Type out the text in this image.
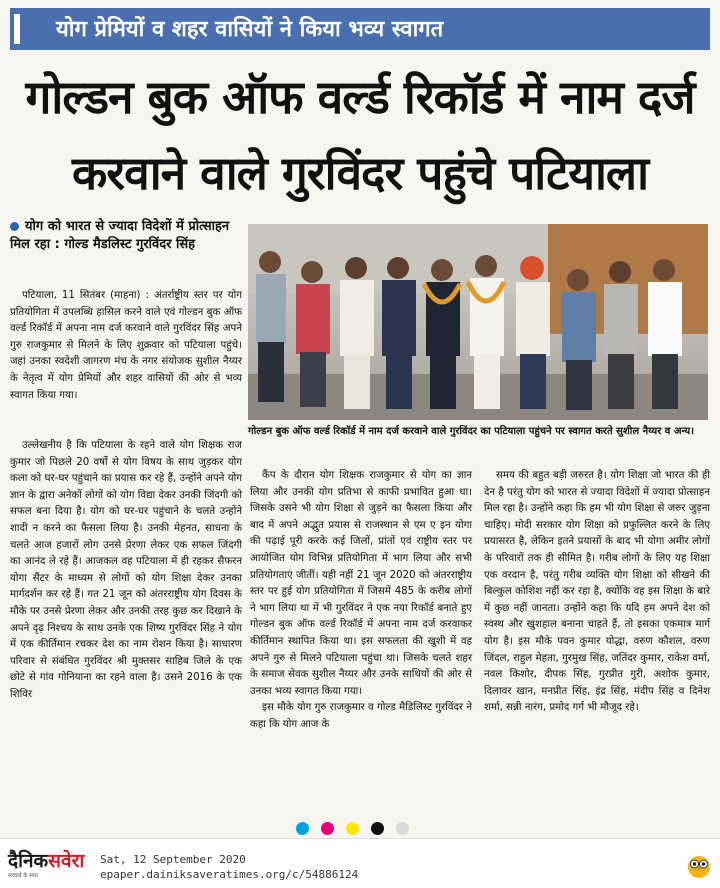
योग प्रेमियों व शहर वासियों ने किया भव्य स्वागत
गोल्डन बुक ऑफ वर्ल्ड रिकॉर्ड में नाम दर्ज
करवाने वाले गुरविंदर पहुंचे पटियाला
योग को भारत से ज्यादा विदेशों में प्रोत्साहन मिल रहा : गोल्ड मैडलिस्ट गुरविंदर सिंह

पटियाला, 11 सितंबर (माहना) : अंतर्राष्ट्रीय स्तर पर योग प्रतियोगिता में उपलब्धि हासिल करने वाले एवं गोल्डन बुक ऑफ वर्ल्ड रिकॉर्ड में अपना नाम दर्ज करवाने वाले गुरविंदर सिंह अपने गुरु राजकुमार से मिलने के लिए शुक्रवार को पटियाला पहुंचे। जहां उनका स्वदेशी जागरण मंच के नगर संयोजक सुशील नैय्यर के नेतृत्व में योग प्रेमियों और शहर वासियों की ओर से भव्य स्वागत किया गया।

गोल्डन बुक ऑफ वर्ल्ड रिकॉर्ड में नाम दर्ज करवाने वाले गुरविंदर का पटियाला पहुंचने पर स्वागत करते सुशील नैय्यर व अन्य।

उल्लेखनीय है कि पटियाला के रहने वाले योग शिक्षक राज कुमार जो पिछले 20 वर्षो से योग विषय के साथ जुड़कर योग कला को घर-घर पहुंचाने का प्रयास कर रहे हैं, उन्होंने अपने योग ज्ञान के द्वारा अनेकों लोगों को योग विद्या देकर उनकी जिंदगी को सफल बना दिया है। योग को घर-घर पहुंचाने के चलते उन्होंने शादी न करने का फैसला लिया है। उनकी मेहनत, साधना के चलते आज हजारों लोग उनसे प्रेरणा लेकर एक सफल जिंदगी का आनंद ले रहे हैं। आजकल वह पटियाला में ही रहकर सैफरन योगा सैंटर के माध्यम से लोगों को योग शिक्षा देकर उनका मार्गदर्शन कर रहे हैं। गत 21 जून को अंतरराष्ट्रीय योग दिवस के मौके पर उनसे प्रेरणा लेकर और उनकी तरह कुछ कर दिखाने के अपने दृढ़ निश्चय के साथ उनके एक शिष्य गुरविंदर सिंह ने योग में एक कीर्तिमान रचकर देश का नाम रोशन किया है। साधारण परिवार से संबंधित गुरविंदर श्री मुक्तसर साहिब जिले के एक छोटे से गांव गोनियाना का रहने वाला है। उसने 2016 के एक शिविर

कैंप के दौरान योग शिक्षक राजकुमार से योग का ज्ञान लिया और उनकी योग प्रतिभा से काफी प्रभावित हुआ था। जिसके उसने भी योग शिक्षा से जुड़ने का फैसला किया और बाद में अपने अद्भुत प्रयास से राजस्थान से एम ए इन योगा की पढ़ाई पूरी करके कई जिलों, प्रांतों एवं राष्ट्रीय स्तर पर आयोजित योग विभिन्न प्रतियोगिता में भाग लिया और सभी प्रतियोगताएं जीतीं। यही नहीं 21 जून 2020 को अंतरराष्ट्रीय स्तर पर हुई योग प्रतियोगिता में जिसमें 485 के करीब लोगों ने भाग लिया था में भी गुरविंदर ने एक नया रिकॉर्ड बनाते हुए गोल्डन बुक ऑफ वर्ल्ड रिकॉर्ड में अपना नाम दर्ज करवाकर कीर्तिमान स्थापित किया था। इस सफलता की खुशी में वह अपने गुरु से मिलने पटियाला पहुंचा था। जिसके चलते शहर के समाज सेवक सुशील नैय्यर और उनके साथियों की ओर से उनका भव्य स्वागत किया गया।

इस मौके योग गुरु राजकुमार व गोल्ड मैडिलिस्ट गुरविंदर ने कहा कि योग आज के

समय की बहुत बड़ी जरुरत है। योग शिक्षा जो भारत की ही देन है परंतु योग को भारत से ज्यादा विदेशों में ज्यादा प्रोत्साहन मिल रहा है। उन्होंने कहा कि हम भी योग शिक्षा से जरुर जुड़ना चाहिए। मोदी सरकार योग शिक्षा को प्रफुल्लित करने के लिए प्रयासरत है, लेकिन इतने प्रयासों के बाद भी योगा अमीर लोगों के परिवारों तक ही सीमित है। गरीब लोगों के लिए यह शिक्षा एक वरदान है, परंतु गरीब व्यक्ति योग शिक्षा को सीखने की बिल्कुल कोशिश नहीं कर रहा है, क्योंकि वह इस शिक्षा के बारे में कुछ नहीं जानता। उन्होंने कहा कि यदि हम अपने देश को स्वस्थ और खुशहाल बनाना चाहते हैं, तो इसका एकमात्र मार्ग योग है। इस मौके पवन कुमार योद्धा, वरुण कौशल, वरुण जिंदल, राहुल मेहता, गुरमुख सिंह, जतिंदर कुमार, राकेश वर्मा, नवल किशोर, दीपक सिंह, गुरप्रीत गुरी, अशोक कुमार, दिलावर खान, मनप्रीत सिंह, इंद्र सिंह, मंदीप सिंह व दिनेश शर्मा, सन्नी नारंग, प्रमोद गर्ग भी मौजूद रहे।

दैनिकसवेरा
सच्चाई के साथ
Sat, 12 September 2020
epaper.dainiksaveratimes.org/c/54886124
